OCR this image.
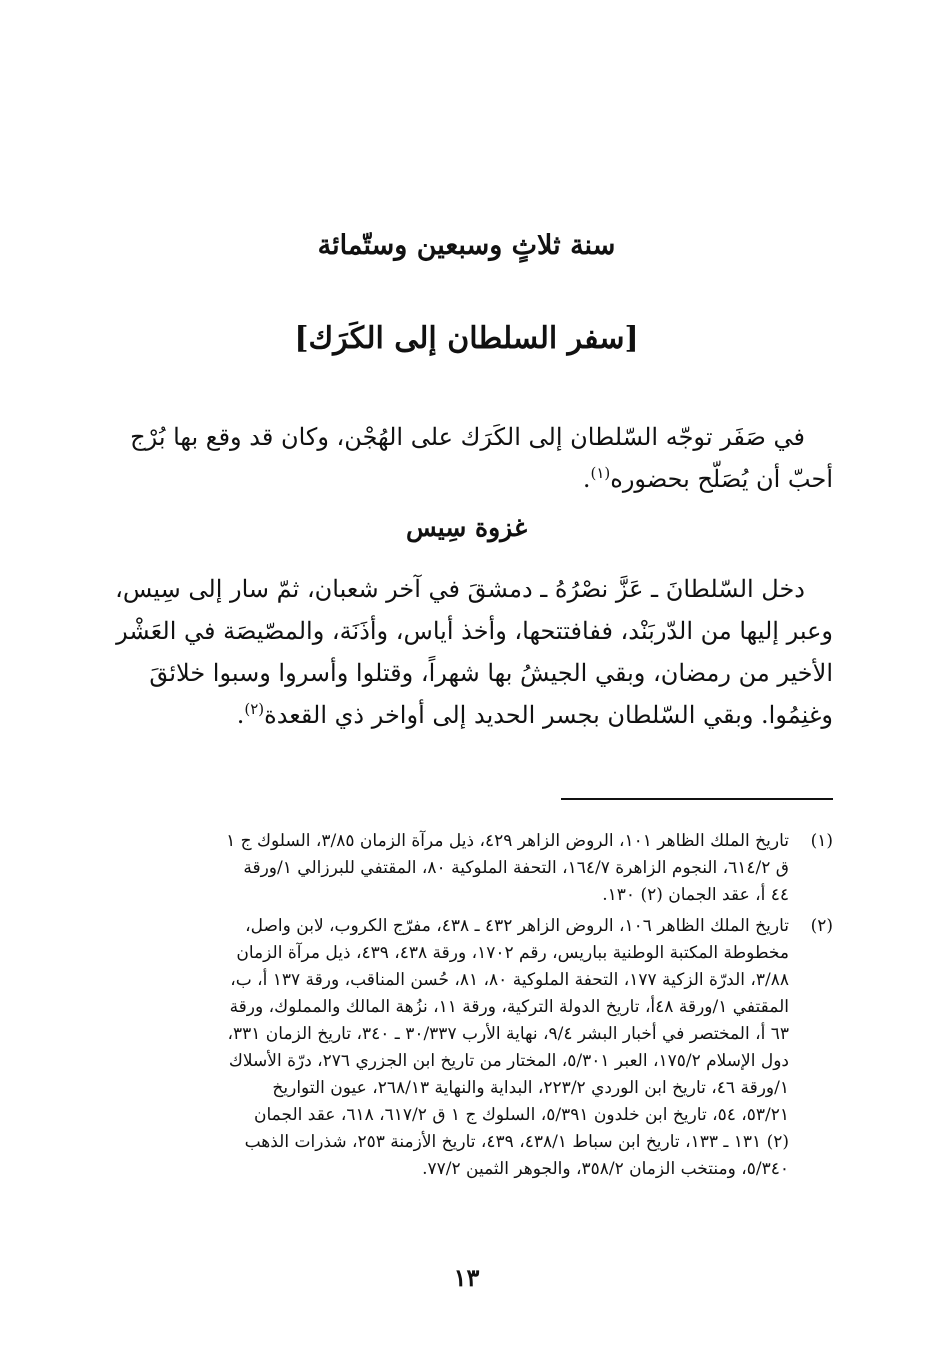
سنة ثلاثٍ وسبعين وستّمائة
[سفر السلطان إلى الكَرَك]
في صَفَر توجّه السّلطان إلى الكَرَك على الهُجْن، وكان قد وقع بها بُرْج
أحبّ أن يُصَلّح بحضوره$^{(١)}$.
غزوة سِيس
دخل السّلطانَ ـ عَزَّ نصْرُهُ ـ دمشقَ في آخر شعبان، ثمّ سار إلى سِيس،
وعبر إليها من الدّربَنْد، ففافتتحها، وأخذ أياس، وأذَنَة، والمصّيصَة في العَشْر
الأخير من رمضان، وبقي الجيشُ بها شهراً، وقتلوا وأسروا وسبوا خلائقَ
وغنِمُوا. وبقي السّلطان بجسر الحديد إلى أواخر ذي القعدة$^{(٢)}$.
(١)
تاريخ الملك الظاهر ١٠١، الروض الزاهر ٤٢٩، ذيل مرآة الزمان ٣/٨٥، السلوك ج ١
ق ٦١٤/٢، النجوم الزاهرة ١٦٤/٧، التحفة الملوكية ٨٠، المقتفي للبرزالي ١/ورقة
٤٤ أ، عقد الجمان (٢) ١٣٠.
(٢)
تاريخ الملك الظاهر ١٠٦، الروض الزاهر ٤٣٢ ـ ٤٣٨، مفرّج الكروب، لابن واصل،
مخطوطة المكتبة الوطنية بباريس، رقم ١٧٠٢، ورقة ٤٣٨، ٤٣٩، ذيل مرآة الزمان
٣/٨٨، الدرّة الزكية ١٧٧، التحفة الملوكية ٨٠، ٨١، حُسن المناقب، ورقة ١٣٧ أ، ب،
المقتفي ١/ورقة ٤٨أ، تاريخ الدولة التركية، ورقة ١١، نزُهة المالك والمملوك، ورقة
٦٣ أ، المختصر في أخبار البشر ٩/٤، نهاية الأرب ٣٠/٣٣٧ ـ ٣٤٠، تاريخ الزمان ٣٣١،
دول الإسلام ١٧٥/٢، العبر ٥/٣٠١، المختار من تاريخ ابن الجزري ٢٧٦، درّة الأسلاك
١/ورقة ٤٦، تاريخ ابن الوردي ٢٢٣/٢، البداية والنهاية ٢٦٨/١٣، عيون التواريخ
٥٣/٢١، ٥٤، تاريخ ابن خلدون ٥/٣٩١، السلوك ج ١ ق ٦١٧/٢، ٦١٨، عقد الجمان
(٢) ١٣١ ـ ١٣٣، تاريخ ابن سباط ٤٣٨/١، ٤٣٩، تاريخ الأزمنة ٢٥٣، شذرات الذهب
٥/٣٤٠، ومنتخب الزمان ٣٥٨/٢، والجوهر الثمين ٧٧/٢.
١٣
